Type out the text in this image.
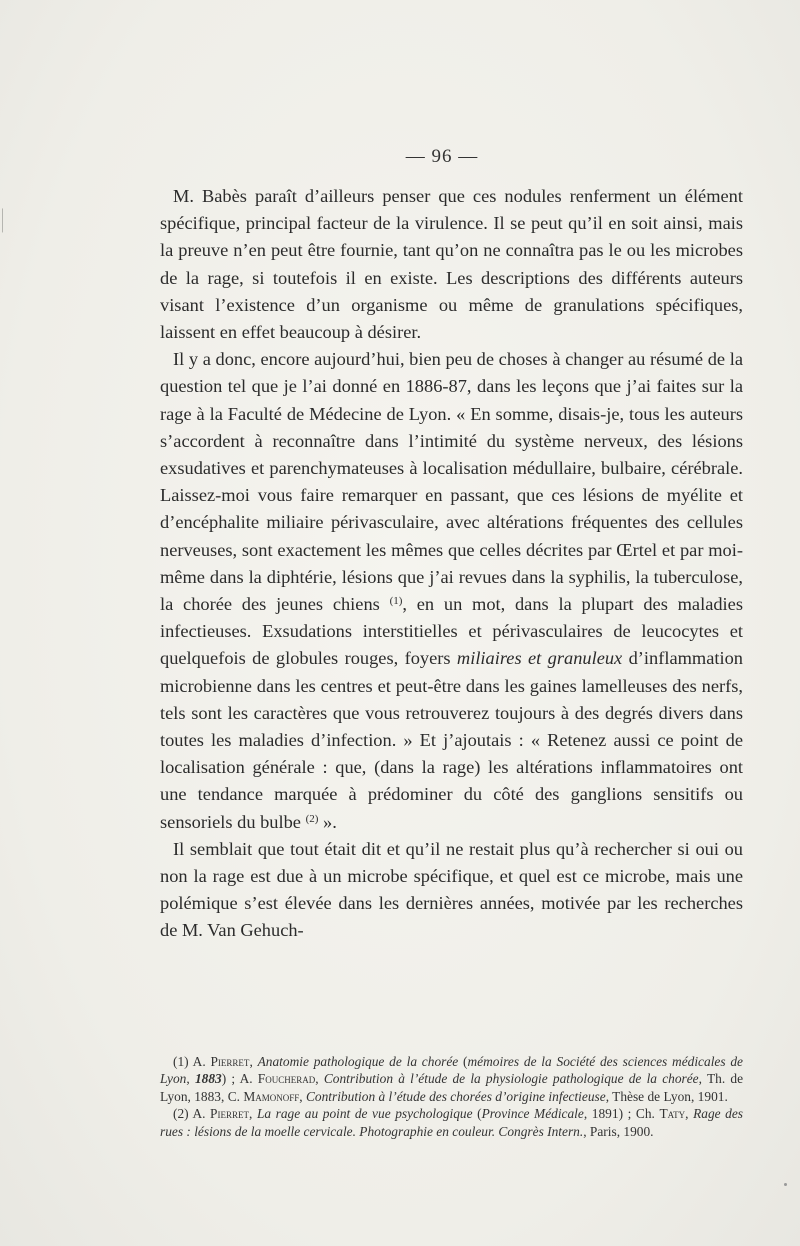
— 96 —

M. Babès paraît d’ailleurs penser que ces nodules renferment un élément spécifique, principal facteur de la virulence. Il se peut qu’il en soit ainsi, mais la preuve n’en peut être fournie, tant qu’on ne connaîtra pas le ou les microbes de la rage, si toutefois il en existe. Les descriptions des différents auteurs visant l’existence d’un organisme ou même de granulations spécifiques, laissent en effet beaucoup à désirer.

Il y a donc, encore aujourd’hui, bien peu de choses à changer au résumé de la question tel que je l’ai donné en 1886-87, dans les leçons que j’ai faites sur la rage à la Faculté de Médecine de Lyon. « En somme, disais-je, tous les auteurs s’accordent à reconnaître dans l’intimité du système nerveux, des lésions exsudatives et parenchymateuses à localisation médullaire, bulbaire, cérébrale. Laissez-moi vous faire remarquer en passant, que ces lésions de myélite et d’encéphalite miliaire périvasculaire, avec altérations fréquentes des cellules nerveuses, sont exactement les mêmes que celles décrites par Œrtel et par moi-même dans la diphtérie, lésions que j’ai revues dans la syphilis, la tuberculose, la chorée des jeunes chiens $^{(1)}$, en un mot, dans la plupart des maladies infectieuses. Exsudations interstitielles et périvasculaires de leucocytes et quelquefois de globules rouges, foyers miliaires et granuleux d’inflammation microbienne dans les centres et peut-être dans les gaines lamelleuses des nerfs, tels sont les caractères que vous retrouverez toujours à des degrés divers dans toutes les maladies d’infection. » Et j’ajoutais : « Retenez aussi ce point de localisation générale : que, (dans la rage) les altérations inflammatoires ont une tendance marquée à prédominer du côté des ganglions sensitifs ou sensoriels du bulbe $^{(2)}$ ».

Il semblait que tout était dit et qu’il ne restait plus qu’à rechercher si oui ou non la rage est due à un microbe spécifique, et quel est ce microbe, mais une polémique s’est élevée dans les dernières années, motivée par les recherches de M. Van Gehuch-

(1) A. Pierret, Anatomie pathologique de la chorée (mémoires de la Société des sciences médicales de Lyon, 1883) ; A. Foucherad, Contribution à l’étude de la physiologie pathologique de la chorée, Th. de Lyon, 1883, C. Mamonoff, Contribution à l’étude des chorées d’origine infectieuse, Thèse de Lyon, 1901.

(2) A. Pierret, La rage au point de vue psychologique (Province Médicale, 1891) ; Ch. Taty, Rage des rues : lésions de la moelle cervicale. Photographie en couleur. Congrès Intern., Paris, 1900.
